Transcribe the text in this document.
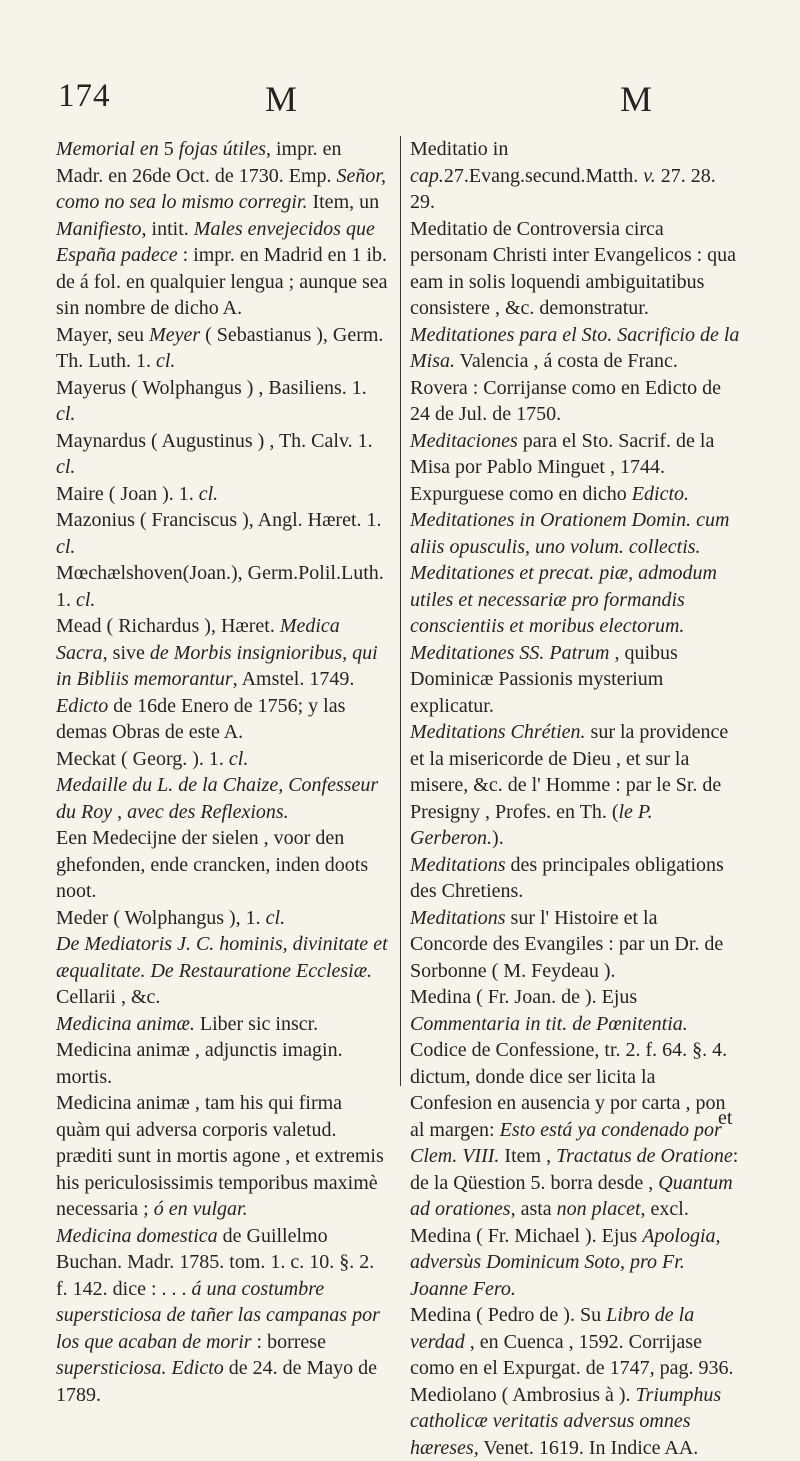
174	M	M

Memorial en 5 fojas útiles, impr. en Madr. en 26de Oct. de 1730. Emp. Señor, como no sea lo mismo corregir. Item, un Manifiesto, intit. Males envejecidos que España padece : impr. en Madrid en 1 ib. de á fol. en qualquier lengua ; aunque sea sin nombre de dicho A.

Mayer, seu Meyer ( Sebastianus ), Germ. Th. Luth. 1. cl.

Mayerus ( Wolphangus ) , Basiliens. 1. cl.

Maynardus ( Augustinus ) , Th. Calv. 1. cl.

Maire ( Joan ). 1. cl.

Mazonius ( Franciscus ), Angl. Hæret. 1. cl.

Mœchælshoven(Joan.), Germ.Polil.Luth. 1. cl.

Mead ( Richardus ), Hæret. Medica Sacra, sive de Morbis insignioribus, qui in Bibliis memorantur, Amstel. 1749. Edicto de 16de Enero de 1756; y las demas Obras de este A.

Meckat ( Georg. ). 1. cl.

Medaille du L. de la Chaize, Confesseur du Roy , avec des Reflexions.

Een Medecijne der sielen , voor den ghefonden, ende crancken, inden doots noot.

Meder ( Wolphangus ), 1. cl.

De Mediatoris J. C. hominis, divinitate et æqualitate. De Restauratione Ecclesiæ. Cellarii , &c.

Medicina animæ. Liber sic inscr.

Medicina animæ , adjunctis imagin. mortis.

Medicina animæ , tam his qui firma quàm qui adversa corporis valetud. præditi sunt in mortis agone , et extremis his periculosissimis temporibus maximè necessaria ; ó en vulgar.

Medicina domestica de Guillelmo Buchan. Madr. 1785. tom. 1. c. 10. §. 2. f. 142. dice : . . . á una costumbre supersticiosa de tañer las campanas por los que acaban de morir : borrese supersticiosa. Edicto de 24. de Mayo de 1789.

Meditatio in cap.27.Evang.secund.Matth. v. 27. 28. 29.

Meditatio de Controversia circa personam Christi inter Evangelicos : qua eam in solis loquendi ambiguitatibus consistere , &c. demonstratur.

Meditationes para el Sto. Sacrificio de la Misa. Valencia , á costa de Franc. Rovera : Corrijanse como en Edicto de 24 de Jul. de 1750.

Meditaciones para el Sto. Sacrif. de la Misa por Pablo Minguet , 1744. Expurguese como en dicho Edicto.

Meditationes in Orationem Domin. cum aliis opusculis, uno volum. collectis.

Meditationes et precat. piæ, admodum utiles et necessariæ pro formandis conscientiis et moribus electorum.

Meditationes SS. Patrum , quibus Dominicæ Passionis mysterium explicatur.

Meditations Chrétien. sur la providence et la misericorde de Dieu , et sur la misere, &c. de l' Homme : par le Sr. de Presigny , Profes. en Th. (le P. Gerberon.).

Meditations des principales obligations des Chretiens.

Meditations sur l' Histoire et la Concorde des Evangiles : par un Dr. de Sorbonne ( M. Feydeau ).

Medina ( Fr. Joan. de ). Ejus Commentaria in tit. de Pœnitentia. Codice de Confessione, tr. 2. f. 64. §. 4. dictum, donde dice ser licita la Confesion en ausencia y por carta , pon al margen: Esto está ya condenado por Clem. VIII. Item , Tractatus de Oratione: de la Qüestion 5. borra desde , Quantum ad orationes, asta non placet, excl.

Medina ( Fr. Michael ). Ejus Apologia, adversùs Dominicum Soto, pro Fr. Joanne Fero.

Medina ( Pedro de ). Su Libro de la verdad , en Cuenca , 1592. Corrijase como en el Expurgat. de 1747, pag. 936.

Mediolano ( Ambrosius à ). Triumphus catholicæ veritatis adversus omnes hæreses, Venet. 1619. In Indice AA.

et
